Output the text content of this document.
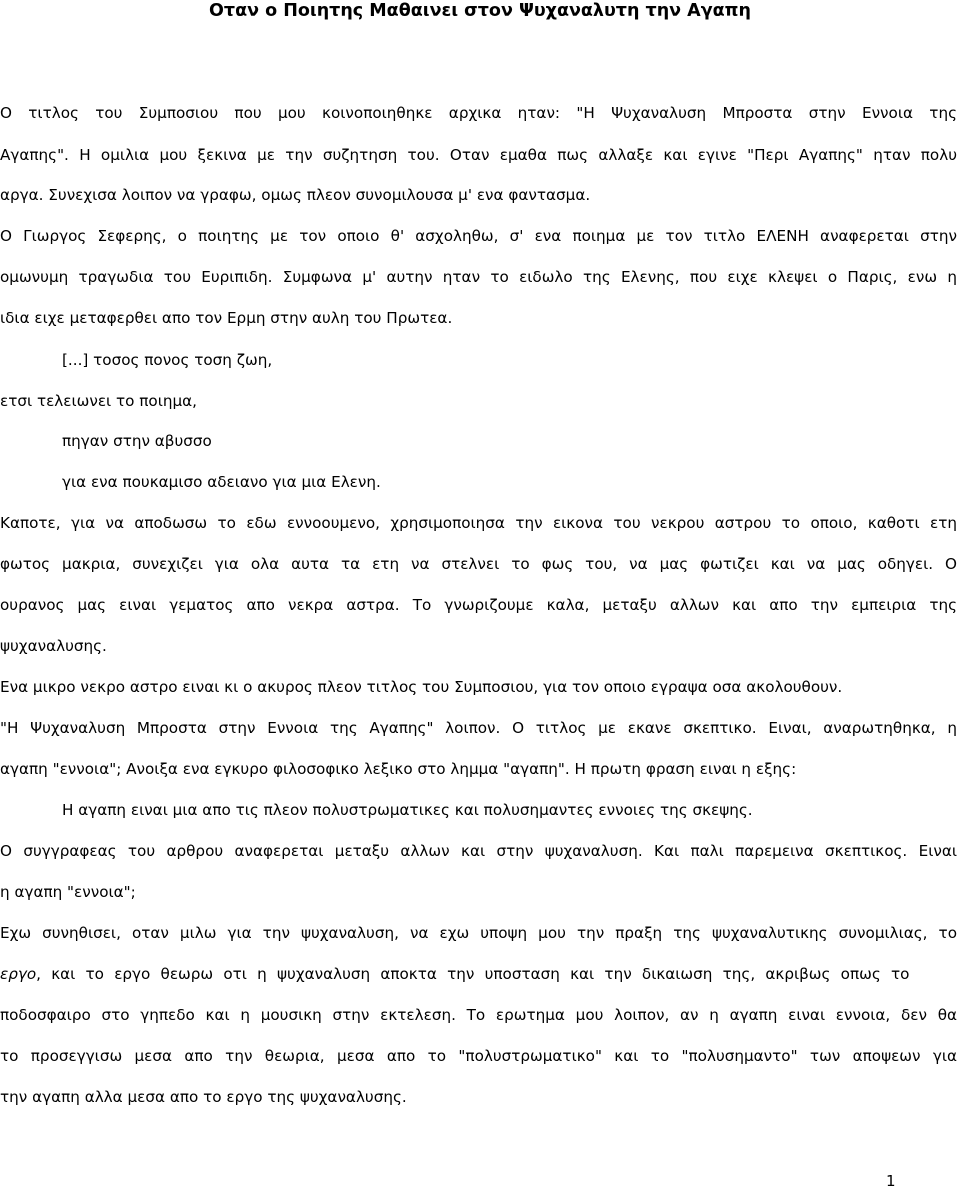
Οταν ο Ποιητης Μαθαινει στον Ψυχαναλυτη την Αγαπη
Ο τιτλος του Συμποσιου που μου κοινοποιηθηκε αρχικα ηταν: "Η Ψυχαναλυση Μπροστα στην Εννοια της
Αγαπης". Η ομιλια μου ξεκινα με την συζητηση του. Οταν εμαθα πως αλλαξε και εγινε "Περι Αγαπης" ηταν πολυ
αργα. Συνεχισα λοιπον να γραφω, ομως πλεον συνομιλουσα μ' ενα φαντασμα.
Ο Γιωργος Σεφερης, ο ποιητης με τον οποιο θ' ασχοληθω, σ' ενα ποιημα με τον τιτλο ΕΛΕΝΗ αναφερεται στην
ομωνυμη τραγωδια του Ευριπιδη. Συμφωνα μ' αυτην ηταν το ειδωλο της Ελενης, που ειχε κλεψει ο Παρις, ενω η
ιδια ειχε μεταφερθει απο τον Ερμη στην αυλη του Πρωτεα.
[...] τοσος πονος τοση ζωη,
ετσι τελειωνει το ποιημα,
πηγαν στην αβυσσο
για ενα πουκαμισο αδειανο για μια Ελενη.
Καποτε, για να αποδωσω το εδω εννοουμενο, χρησιμοποιησα την εικονα του νεκρου αστρου το οποιο, καθοτι ετη
φωτος μακρια, συνεχιζει για ολα αυτα τα ετη να στελνει το φως του, να μας φωτιζει και να μας οδηγει. Ο
ουρανος μας ειναι γεματος απο νεκρα αστρα. Το γνωριζουμε καλα, μεταξυ αλλων και απο την εμπειρια της
ψυχαναλυσης.
Ενα μικρο νεκρο αστρο ειναι κι ο ακυρος πλεον τιτλος του Συμποσιου, για τον οποιο εγραψα οσα ακολουθουν.
"Η Ψυχαναλυση Μπροστα στην Εννοια της Αγαπης" λοιπον. Ο τιτλος με εκανε σκεπτικο. Ειναι, αναρωτηθηκα, η
αγαπη "εννοια"; Ανοιξα ενα εγκυρο φιλοσοφικο λεξικο στο λημμα "αγαπη". Η πρωτη φραση ειναι η εξης:
Η αγαπη ειναι μια απο τις πλεον πολυστρωματικες και πολυσημαντες εννοιες της σκεψης.
Ο συγγραφεας του αρθρου αναφερεται μεταξυ αλλων και στην ψυχαναλυση. Και παλι παρεμεινα σκεπτικος. Ειναι
η αγαπη "εννοια";
Εχω συνηθισει, οταν μιλω για την ψυχαναλυση, να εχω υποψη μου την πραξη της ψυχαναλυτικης συνομιλιας, το
εργο , και το εργο θεωρω οτι η ψυχαναλυση αποκτα την υποσταση και την δικαιωση της, ακριβως οπως το
ποδοσφαιρο στο γηπεδο και η μουσικη στην εκτελεση. Το ερωτημα μου λοιπον, αν η αγαπη ειναι εννοια, δεν θα
το προσεγγισω μεσα απο την θεωρια, μεσα απο το "πολυστρωματικο" και το "πολυσημαντο" των αποψεων για
την αγαπη αλλα μεσα απο το εργο της ψυχαναλυσης.
1
